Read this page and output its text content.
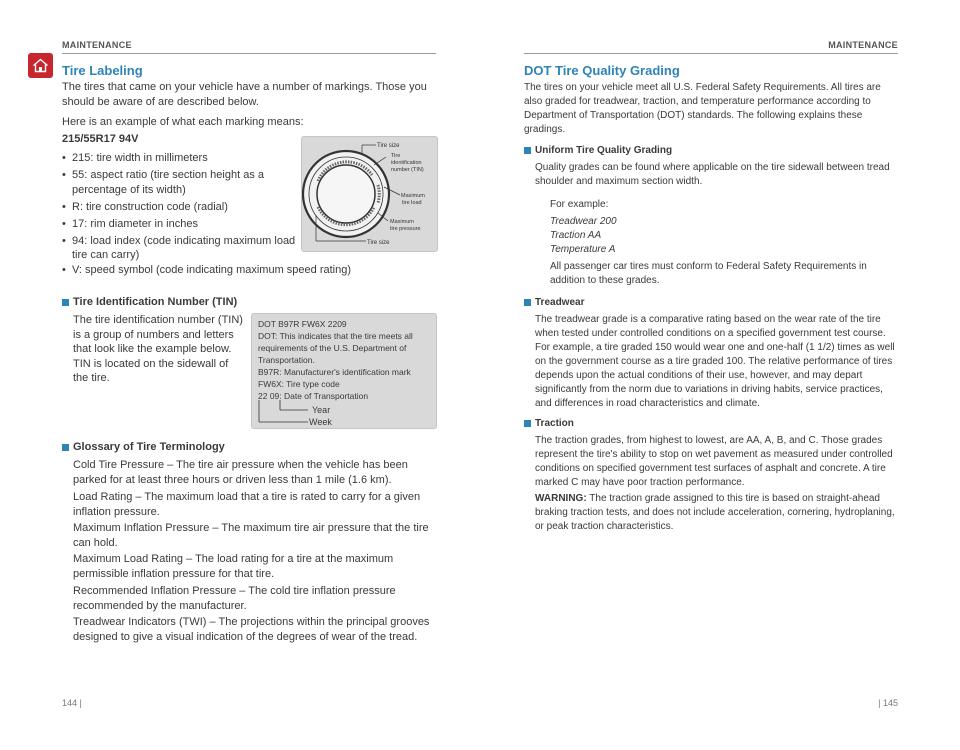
MAINTENANCE
Tire Labeling

The tires that came on your vehicle have a number of markings. Those you should be aware of are described below.

Here is an example of what each marking means:

215/55R17 94V

• 215: tire width in millimeters
• 55: aspect ratio (tire section height as a percentage of its width)
• R: tire construction code (radial)
• 17: rim diameter in inches
• 94: load index (code indicating maximum load tire can carry)
• V: speed symbol (code indicating maximum speed rating)
Tire size
Tire identification number (TIN)
Maximum tire load
Maximum tire pressure
Tire size
Tire Identification Number (TIN)

The tire identification number (TIN) is a group of numbers and letters that look like the example below. TIN is located on the sidewall of the tire.

DOT B97R FW6X 2209
DOT: This indicates that the tire meets all requirements of the U.S. Department of Transportation.
B97R: Manufacturer's identification mark
FW6X: Tire type code
22 09: Date of Transportation
Year
Week
Glossary of Tire Terminology

Cold Tire Pressure – The tire air pressure when the vehicle has been parked for at least three hours or driven less than 1 mile (1.6 km).

Load Rating – The maximum load that a tire is rated to carry for a given inflation pressure.

Maximum Inflation Pressure – The maximum tire air pressure that the tire can hold.

Maximum Load Rating – The load rating for a tire at the maximum permissible inflation pressure for that tire.

Recommended Inflation Pressure – The cold tire inflation pressure recommended by the manufacturer.

Treadwear Indicators (TWI) – The projections within the principal grooves designed to give a visual indication of the degrees of wear of the tread.

144 |
MAINTENANCE
DOT Tire Quality Grading

The tires on your vehicle meet all U.S. Federal Safety Requirements. All tires are also graded for treadwear, traction, and temperature performance according to Department of Transportation (DOT) standards. The following explains these gradings.

Uniform Tire Quality Grading

Quality grades can be found where applicable on the tire sidewall between tread shoulder and maximum section width.

For example:

Treadwear 200

Traction AA

Temperature A

All passenger car tires must conform to Federal Safety Requirements in addition to these grades.

Treadwear

The treadwear grade is a comparative rating based on the wear rate of the tire when tested under controlled conditions on a specified government test course. For example, a tire graded 150 would wear one and one-half (1 1/2) times as well on the government course as a tire graded 100. The relative performance of tires depends upon the actual conditions of their use, however, and may depart significantly from the norm due to variations in driving habits, service practices, and differences in road characteristics and climate.

Traction

The traction grades, from highest to lowest, are AA, A, B, and C. Those grades represent the tire's ability to stop on wet pavement as measured under controlled conditions on specified government test surfaces of asphalt and concrete. A tire marked C may have poor traction performance.

WARNING: The traction grade assigned to this tire is based on straight-ahead braking traction tests, and does not include acceleration, cornering, hydroplaning, or peak traction characteristics.

| 145
